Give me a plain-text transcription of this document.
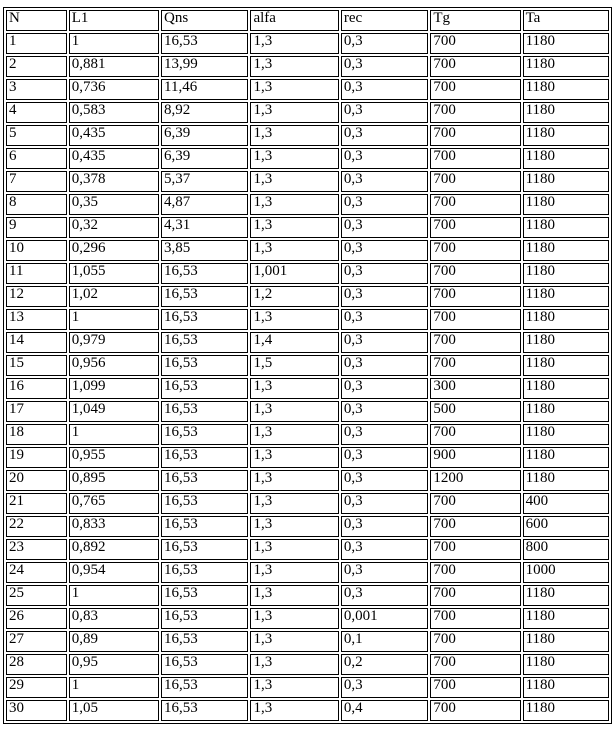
N	L1	Qns	alfa	rec	Tg	Ta
1	1	16,53	1,3	0,3	700	1180
2	0,881	13,99	1,3	0,3	700	1180
3	0,736	11,46	1,3	0,3	700	1180
4	0,583	8,92	1,3	0,3	700	1180
5	0,435	6,39	1,3	0,3	700	1180
6	0,435	6,39	1,3	0,3	700	1180
7	0,378	5,37	1,3	0,3	700	1180
8	0,35	4,87	1,3	0,3	700	1180
9	0,32	4,31	1,3	0,3	700	1180
10	0,296	3,85	1,3	0,3	700	1180
11	1,055	16,53	1,001	0,3	700	1180
12	1,02	16,53	1,2	0,3	700	1180
13	1	16,53	1,3	0,3	700	1180
14	0,979	16,53	1,4	0,3	700	1180
15	0,956	16,53	1,5	0,3	700	1180
16	1,099	16,53	1,3	0,3	300	1180
17	1,049	16,53	1,3	0,3	500	1180
18	1	16,53	1,3	0,3	700	1180
19	0,955	16,53	1,3	0,3	900	1180
20	0,895	16,53	1,3	0,3	1200	1180
21	0,765	16,53	1,3	0,3	700	400
22	0,833	16,53	1,3	0,3	700	600
23	0,892	16,53	1,3	0,3	700	800
24	0,954	16,53	1,3	0,3	700	1000
25	1	16,53	1,3	0,3	700	1180
26	0,83	16,53	1,3	0,001	700	1180
27	0,89	16,53	1,3	0,1	700	1180
28	0,95	16,53	1,3	0,2	700	1180
29	1	16,53	1,3	0,3	700	1180
30	1,05	16,53	1,3	0,4	700	1180
